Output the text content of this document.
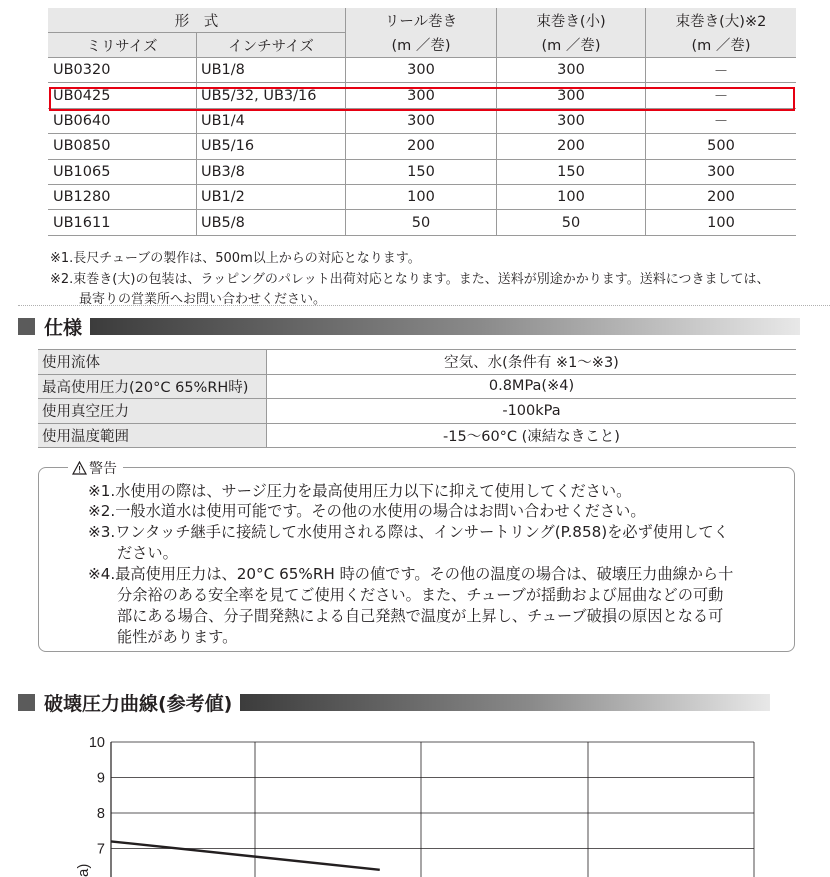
形　式		リール巻き	束巻き(小)	束巻き(大)※2
ミリサイズ	インチサイズ	(m ／巻)	(m ／巻)	(m ／巻)
UB0320	UB1/8	300	300	－
UB0425	UB5/32, UB3/16	300	300	－
UB0640	UB1/4	300	300	－
UB0850	UB5/16	200	200	500
UB1065	UB3/8	150	150	300
UB1280	UB1/2	100	100	200
UB1611	UB5/8	50	50	100
※1.長尺チューブの製作は、500m以上からの対応となります。
※2.束巻き(大)の包装は、ラッピングのパレット出荷対応となります。また、送料が別途かかります。送料につきましては、
最寄りの営業所へお問い合わせください。
仕様
使用流体	空気、水(条件有 ※1～※3)
最高使用圧力(20°C 65%RH時)	0.8MPa(※4)
使用真空圧力	-100kPa
使用温度範囲	-15～60°C (凍結なきこと)
警告
※1.水使用の際は、サージ圧力を最高使用圧力以下に抑えて使用してください。
※2.一般水道水は使用可能です。その他の水使用の場合はお問い合わせください。
※3.ワンタッチ継手に接続して水使用される際は、インサートリング(P.858)を必ず使用してく
ださい。
※4.最高使用圧力は、20°C 65%RH 時の値です。その他の温度の場合は、破壊圧力曲線から十
分余裕のある安全率を見てご使用ください。また、チューブが揺動および屈曲などの可動
部にある場合、分子間発熱による自己発熱で温度が上昇し、チューブ破損の原因となる可
能性があります。
破壊圧力曲線(参考値)
10
9
8
7
a)
